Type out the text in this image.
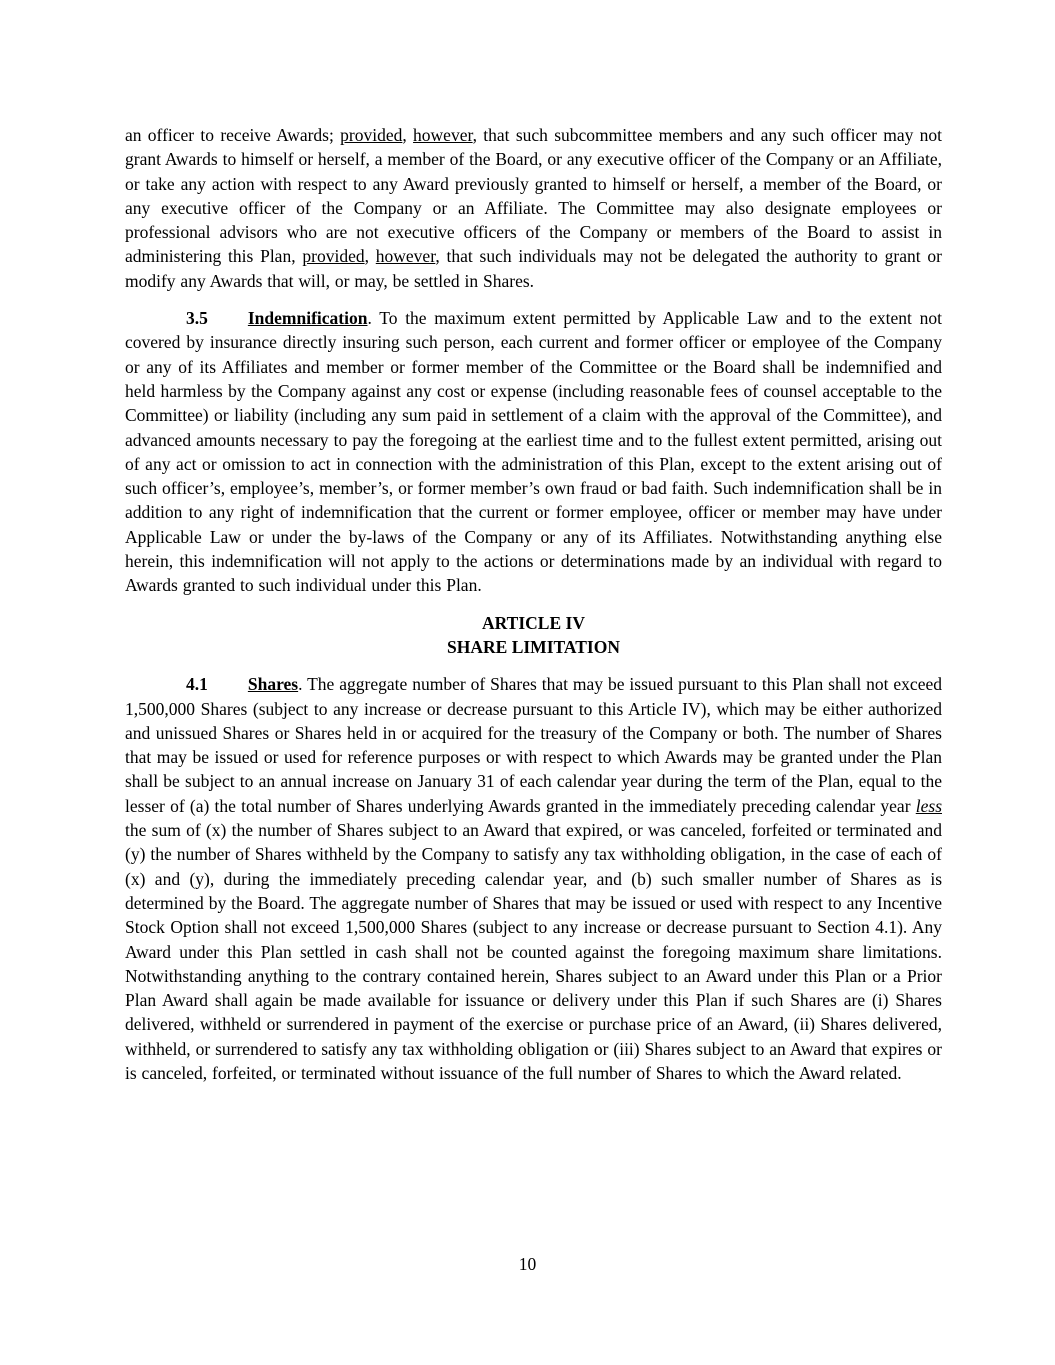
an officer to receive Awards; provided, however, that such subcommittee members and any such officer may not grant Awards to himself or herself, a member of the Board, or any executive officer of the Company or an Affiliate, or take any action with respect to any Award previously granted to himself or herself, a member of the Board, or any executive officer of the Company or an Affiliate. The Committee may also designate employees or professional advisors who are not executive officers of the Company or members of the Board to assist in administering this Plan, provided, however, that such individuals may not be delegated the authority to grant or modify any Awards that will, or may, be settled in Shares.

3.5 Indemnification. To the maximum extent permitted by Applicable Law and to the extent not covered by insurance directly insuring such person, each current and former officer or employee of the Company or any of its Affiliates and member or former member of the Committee or the Board shall be indemnified and held harmless by the Company against any cost or expense (including reasonable fees of counsel acceptable to the Committee) or liability (including any sum paid in settlement of a claim with the approval of the Committee), and advanced amounts necessary to pay the foregoing at the earliest time and to the fullest extent permitted, arising out of any act or omission to act in connection with the administration of this Plan, except to the extent arising out of such officer’s, employee’s, member’s, or former member’s own fraud or bad faith. Such indemnification shall be in addition to any right of indemnification that the current or former employee, officer or member may have under Applicable Law or under the by-laws of the Company or any of its Affiliates. Notwithstanding anything else herein, this indemnification will not apply to the actions or determinations made by an individual with regard to Awards granted to such individual under this Plan.

ARTICLE IV
SHARE LIMITATION

4.1 Shares. The aggregate number of Shares that may be issued pursuant to this Plan shall not exceed 1,500,000 Shares (subject to any increase or decrease pursuant to this Article IV), which may be either authorized and unissued Shares or Shares held in or acquired for the treasury of the Company or both. The number of Shares that may be issued or used for reference purposes or with respect to which Awards may be granted under the Plan shall be subject to an annual increase on January 31 of each calendar year during the term of the Plan, equal to the lesser of (a) the total number of Shares underlying Awards granted in the immediately preceding calendar year less the sum of (x) the number of Shares subject to an Award that expired, or was canceled, forfeited or terminated and (y) the number of Shares withheld by the Company to satisfy any tax withholding obligation, in the case of each of (x) and (y), during the immediately preceding calendar year, and (b) such smaller number of Shares as is determined by the Board. The aggregate number of Shares that may be issued or used with respect to any Incentive Stock Option shall not exceed 1,500,000 Shares (subject to any increase or decrease pursuant to Section 4.1). Any Award under this Plan settled in cash shall not be counted against the foregoing maximum share limitations. Notwithstanding anything to the contrary contained herein, Shares subject to an Award under this Plan or a Prior Plan Award shall again be made available for issuance or delivery under this Plan if such Shares are (i) Shares delivered, withheld or surrendered in payment of the exercise or purchase price of an Award, (ii) Shares delivered, withheld, or surrendered to satisfy any tax withholding obligation or (iii) Shares subject to an Award that expires or is canceled, forfeited, or terminated without issuance of the full number of Shares to which the Award related.

10
